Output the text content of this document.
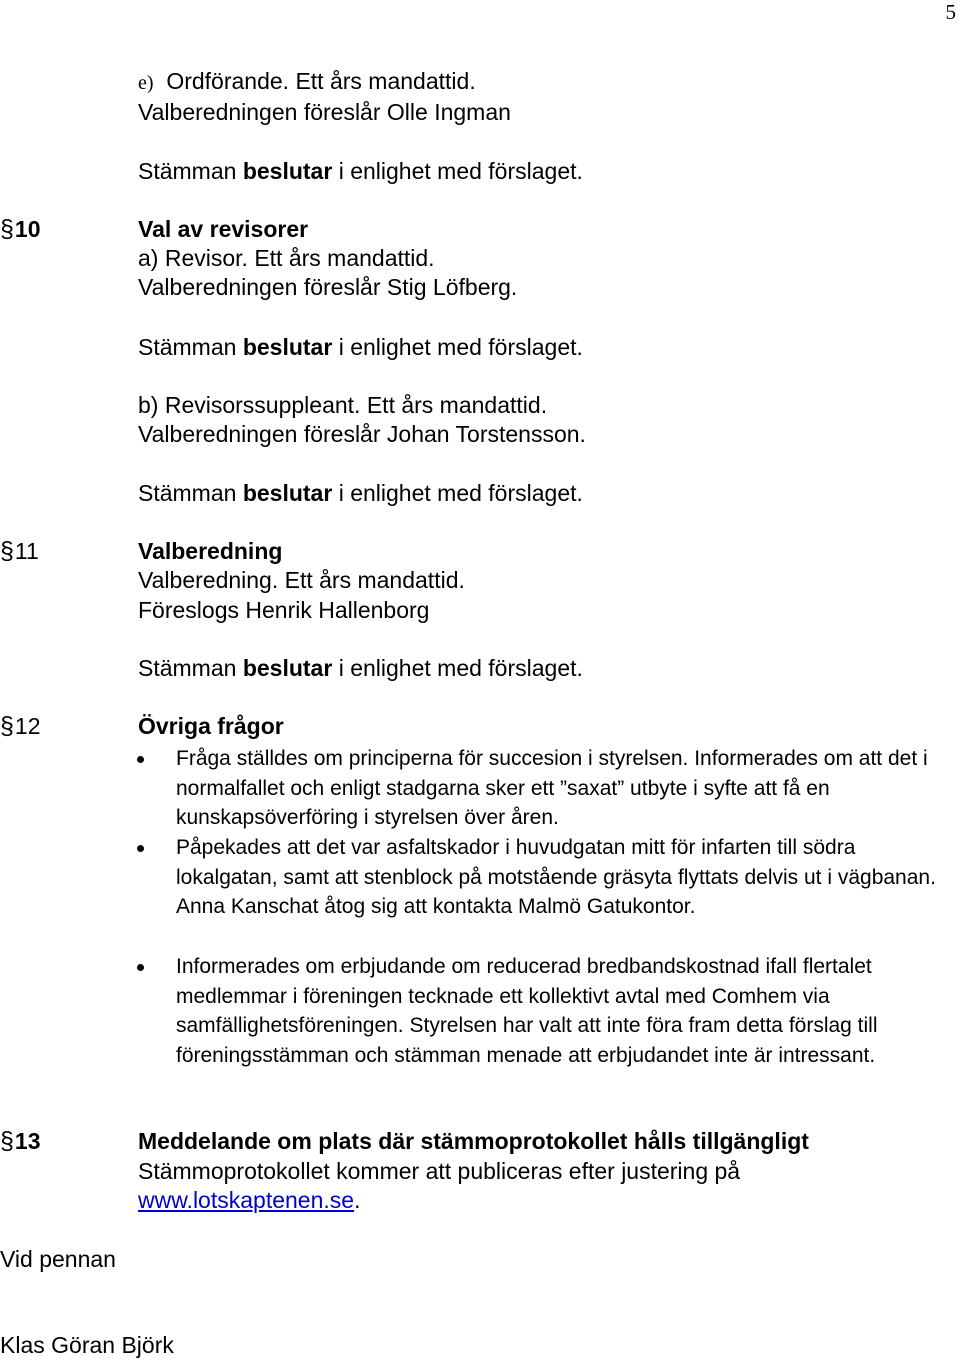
5
e) Ordförande. Ett års mandattid.
Valberedningen föreslår Olle Ingman
Stämman beslutar i enlighet med förslaget.
§10	Val av revisorer
a) Revisor. Ett års mandattid.
Valberedningen föreslår Stig Löfberg.
Stämman beslutar i enlighet med förslaget.
b) Revisorssuppleant. Ett års mandattid.
Valberedningen föreslår Johan Torstensson.
Stämman beslutar i enlighet med förslaget.
§11	Valberedning
Valberedning. Ett års mandattid.
Föreslogs Henrik Hallenborg
Stämman beslutar i enlighet med förslaget.
§12	Övriga frågor
Fråga ställdes om principerna för succesion i styrelsen. Informerades om att det i normalfallet och enligt stadgarna sker ett ”saxat” utbyte i syfte att få en kunskapsöverföring i styrelsen över åren.
Påpekades att det var asfaltskador i huvudgatan mitt för infarten till södra lokalgatan, samt att stenblock på motstående gräsyta flyttats delvis ut i vägbanan. Anna Kanschat åtog sig att kontakta Malmö Gatukontor.
Informerades om erbjudande om reducerad bredbandskostnad ifall flertalet medlemmar i föreningen tecknade ett kollektivt avtal med Comhem via samfällighetsföreningen. Styrelsen har valt att inte föra fram detta förslag till föreningsstämman och stämman menade att erbjudandet inte är intressant.
§13	Meddelande om plats där stämmoprotokollet hålls tillgängligt
Stämmoprotokollet kommer att publiceras efter justering på
www.lotskaptenen.se.
Vid pennan
Klas Göran Björk
